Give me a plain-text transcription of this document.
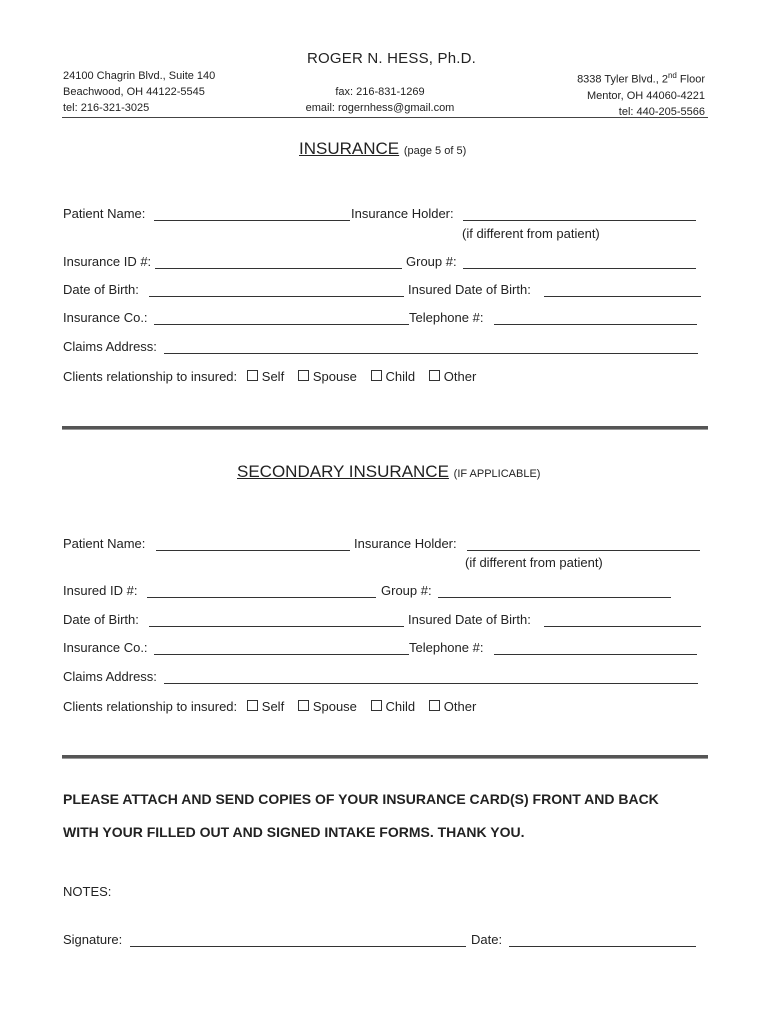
ROGER N. HESS, Ph.D.
24100 Chagrin Blvd., Suite 140
Beachwood, OH 44122-5545
tel: 216-321-3025
fax: 216-831-1269
email: rogernhess@gmail.com
8338 Tyler Blvd., 2nd Floor
Mentor, OH 44060-4221
tel: 440-205-5566
INSURANCE (page 5 of 5)
Patient Name:	Insurance Holder:
(if different from patient)
Insurance ID #:	Group #:
Date of Birth:	Insured Date of Birth:
Insurance Co.:	Telephone #:
Claims Address:
Clients relationship to insured: Self Spouse Child Other
SECONDARY INSURANCE (IF APPLICABLE)
Patient Name:	Insurance Holder:
(if different from patient)
Insured ID #:	Group #:
Date of Birth:	Insured Date of Birth:
Insurance Co.:	Telephone #:
Claims Address:
Clients relationship to insured: Self Spouse Child Other
PLEASE ATTACH AND SEND COPIES OF YOUR INSURANCE CARD(S) FRONT AND BACK
WITH YOUR FILLED OUT AND SIGNED INTAKE FORMS. THANK YOU.
NOTES:
Signature:	Date:
